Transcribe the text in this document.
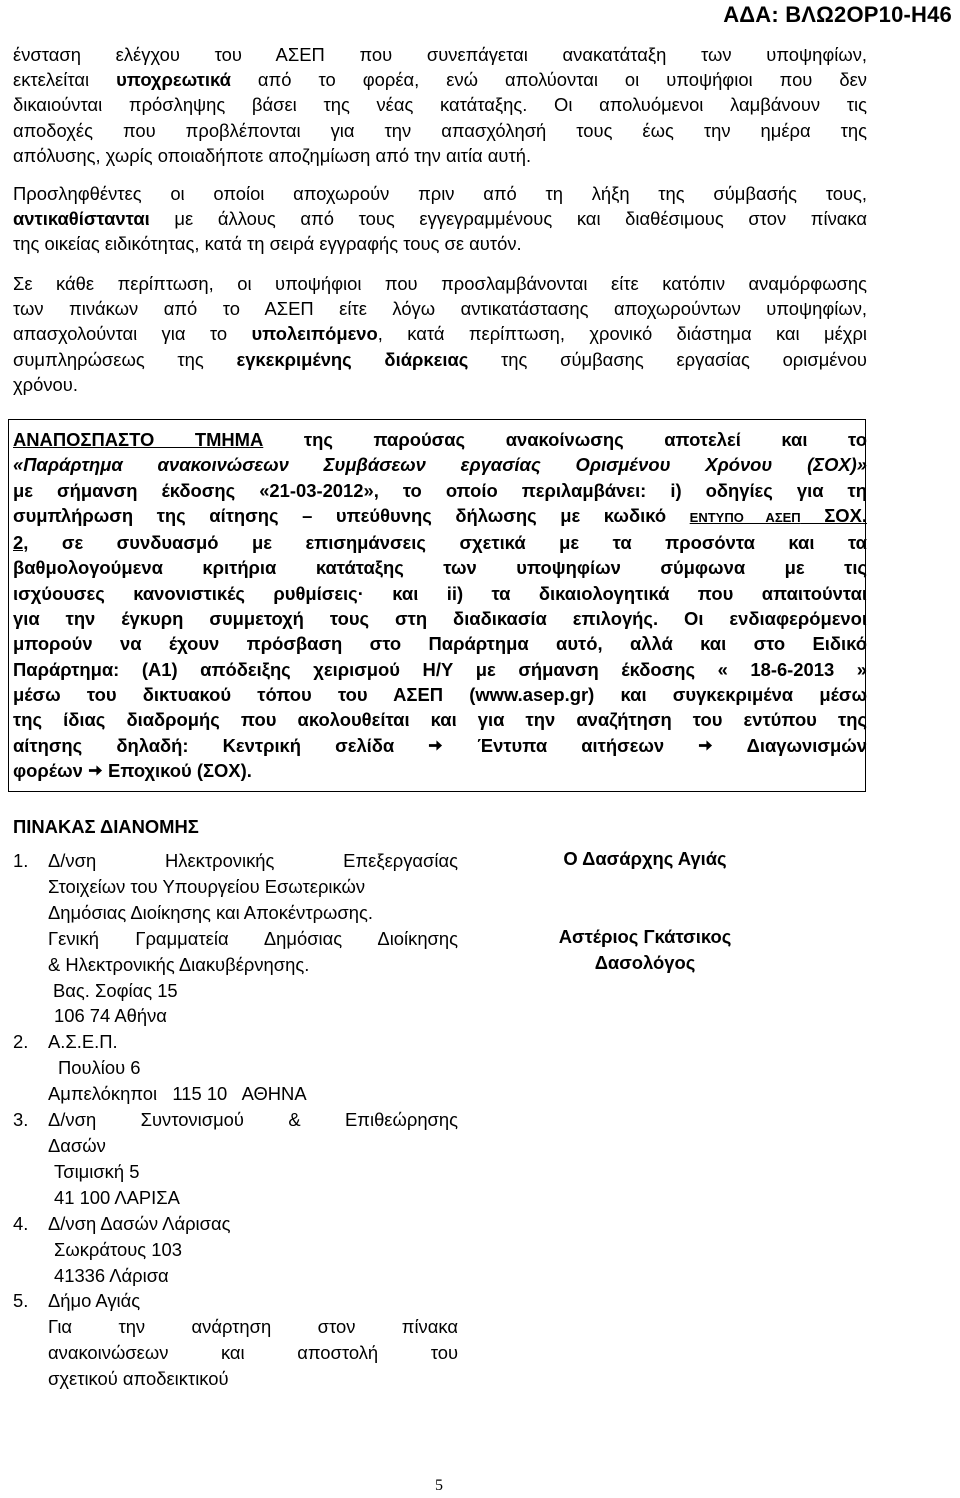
ΑΔΑ: ΒΛΩ2ΟΡ10-Η46
ένσταση ελέγχου του ΑΣΕΠ που συνεπάγεται ανακατάταξη των υποψηφίων,
εκτελείται υποχρεωτικά από το φορέα, ενώ απολύονται οι υποψήφιοι που δεν
δικαιούνται πρόσληψης βάσει της νέας κατάταξης. Οι απολυόμενοι λαμβάνουν τις
αποδοχές που προβλέπονται για την απασχόλησή τους έως την ημέρα της
απόλυσης, χωρίς οποιαδήποτε αποζημίωση από την αιτία αυτή.
Προσληφθέντες οι οποίοι αποχωρούν πριν από τη λήξη της σύμβασής τους,
αντικαθίστανται με άλλους από τους εγγεγραμμένους και διαθέσιμους στον πίνακα
της οικείας ειδικότητας, κατά τη σειρά εγγραφής τους σε αυτόν.
Σε κάθε περίπτωση, οι υποψήφιοι που προσλαμβάνονται είτε κατόπιν αναμόρφωσης
των πινάκων από το ΑΣΕΠ είτε λόγω αντικατάστασης αποχωρούντων υποψηφίων,
απασχολούνται για το υπολειπόμενο, κατά περίπτωση, χρονικό διάστημα και μέχρι
συμπληρώσεως της εγκεκριμένης διάρκειας της σύμβασης εργασίας ορισμένου
χρόνου.
ΑΝΑΠΟΣΠΑΣΤΟ ΤΜΗΜΑ της παρούσας ανακοίνωσης αποτελεί και το
«Παράρτημα ανακοινώσεων Συμβάσεων εργασίας Ορισμένου Χρόνου (ΣΟΧ)»
με σήμανση έκδοσης «21-03-2012», το οποίο περιλαμβάνει: i) οδηγίες για τη
συμπλήρωση της αίτησης – υπεύθυνης δήλωσης με κωδικό ΕΝΤΥΠΟ ΑΣΕΠ ΣΟΧ.
2, σε συνδυασμό με επισημάνσεις σχετικά με τα προσόντα και τα
βαθμολογούμενα κριτήρια κατάταξης των υποψηφίων σύμφωνα με τις
ισχύουσες κανονιστικές ρυθμίσεις· και ii) τα δικαιολογητικά που απαιτούνται
για την έγκυρη συμμετοχή τους στη διαδικασία επιλογής. Οι ενδιαφερόμενοι
μπορούν να έχουν πρόσβαση στο Παράρτημα αυτό, αλλά και στο Ειδικό
Παράρτημα: (Α1) απόδειξης χειρισμού Η/Υ με σήμανση έκδοσης « 18-6-2013 »
μέσω του δικτυακού τόπου του ΑΣΕΠ (www.asep.gr) και συγκεκριμένα μέσω
της ίδιας διαδρομής που ακολουθείται και για την αναζήτηση του εντύπου της
αίτησης δηλαδή: Κεντρική σελίδα  Έντυπα αιτήσεων  Διαγωνισμών
φορέων  Εποχικού (ΣΟΧ).
ΠΙΝΑΚΑΣ ΔΙΑΝΟΜΗΣ
1. Δ/νση Ηλεκτρονικής Επεξεργασίας
Στοιχείων του Υπουργείου Εσωτερικών
Δημόσιας Διοίκησης και Αποκέντρωσης.
Γενική Γραμματεία Δημόσιας Διοίκησης
& Ηλεκτρονικής Διακυβέρνησης.
Βας. Σοφίας 15
106 74 Αθήνα
2. Α.Σ.Ε.Π.
Πουλίου 6
Αμπελόκηποι   115 10   ΑΘΗΝΑ
3. Δ/νση Συντονισμού & Επιθεώρησης
Δασών
Τσιμισκή 5
41 100 ΛΑΡΙΣΑ
4. Δ/νση Δασών Λάρισας
Σωκράτους 103
41336 Λάρισα
5. Δήμο Αγιάς
Για την ανάρτηση στον πίνακα
ανακοινώσεων και αποστολή του
σχετικού αποδεικτικού
Ο Δασάρχης Αγιάς
Αστέριος Γκάτσικος
Δασολόγος
5
